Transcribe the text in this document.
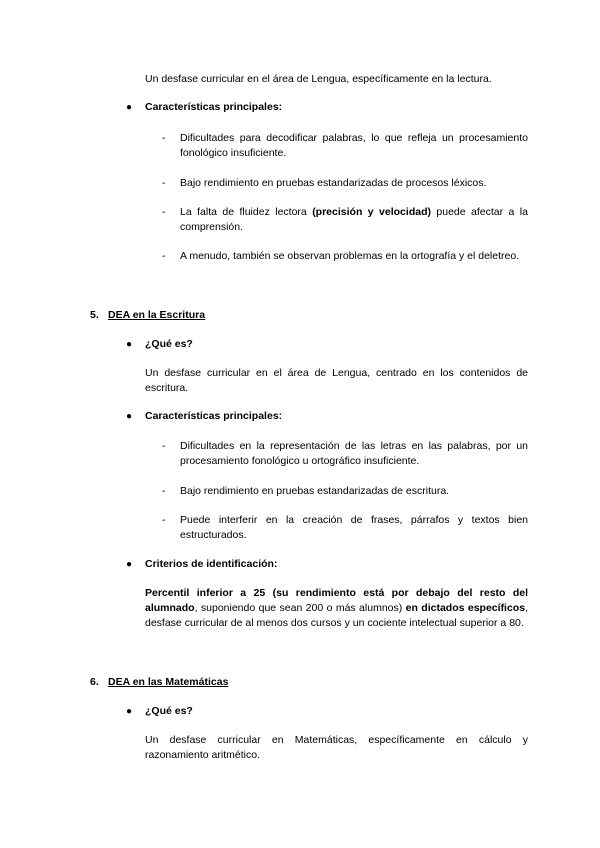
Un desfase curricular en el área de Lengua, específicamente en la lectura.
● Características principales:
- Dificultades para decodificar palabras, lo que refleja un procesamiento fonológico insuficiente.
- Bajo rendimiento en pruebas estandarizadas de procesos léxicos.
- La falta de fluidez lectora (precisión y velocidad) puede afectar a la comprensión.
- A menudo, también se observan problemas en la ortografía y el deletreo.
5. DEA en la Escritura
● ¿Qué es?
Un desfase curricular en el área de Lengua, centrado en los contenidos de escritura.
● Características principales:
- Dificultades en la representación de las letras en las palabras, por un procesamiento fonológico u ortográfico insuficiente.
- Bajo rendimiento en pruebas estandarizadas de escritura.
- Puede interferir en la creación de frases, párrafos y textos bien estructurados.
● Criterios de identificación:
Percentil inferior a 25 (su rendimiento está por debajo del resto del alumnado, suponiendo que sean 200 o más alumnos) en dictados específicos, desfase curricular de al menos dos cursos y un cociente intelectual superior a 80.
6. DEA en las Matemáticas
● ¿Qué es?
Un desfase curricular en Matemáticas, específicamente en cálculo y razonamiento aritmético.
